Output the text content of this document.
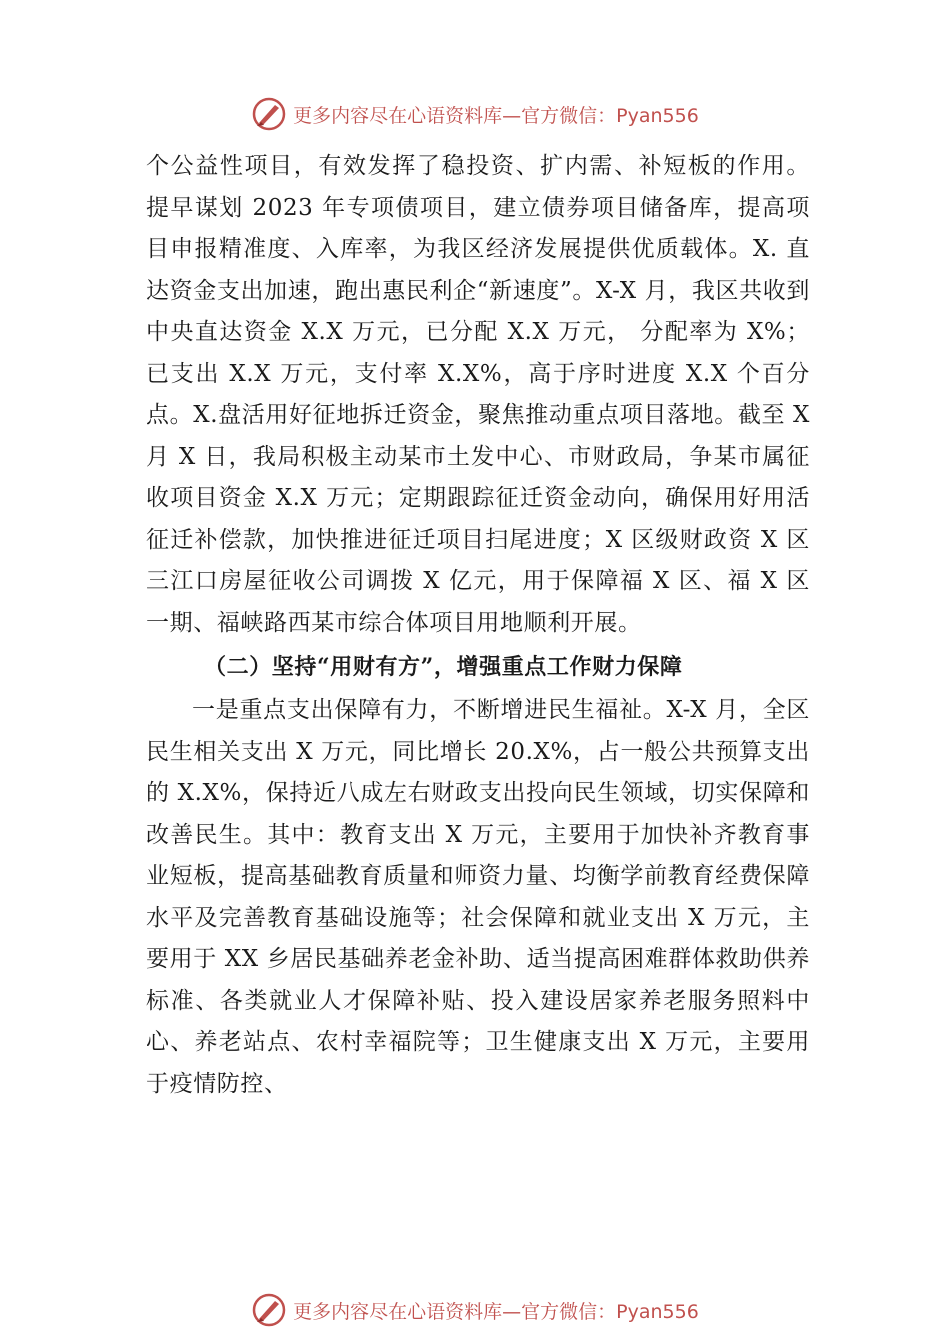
更多内容尽在心语资料库—官方微信：Pyan556

个公益性项目，有效发挥了稳投资、扩内需、补短板的作用。 提早谋划 2023 年专项债项目，建立债券项目储备库，提高项目申报精准度、入库率，为我区经济发展提供优质载体。X. 直达资金支出加速，跑出惠民利企“新速度”。X-X 月，我区共收到中央直达资金 X.X 万元，已分配 X.X 万元， 分配率为 X%；已支出 X.X 万元，支付率 X.X%，高于序时进度 X.X 个百分点。X.盘活用好征地拆迁资金，聚焦推动重点项目落地。截至 X 月 X 日，我局积极主动某市土发中心、市财政局，争某市属征收项目资金 X.X 万元；定期跟踪征迁资金动向，确保用好用活征迁补偿款，加快推进征迁项目扫尾进度；X 区级财政资 X 区三江口房屋征收公司调拨 X 亿元，用于保障福 X 区、福 X 区一期、福峡路西某市综合体项目用地顺利开展。

（二）坚持“用财有方”，增强重点工作财力保障

一是重点支出保障有力，不断增进民生福祉。X-X 月，全区民生相关支出 X 万元，同比增长 20.X%，占一般公共预算支出的 X.X%，保持近八成左右财政支出投向民生领域，切实保障和改善民生。其中：教育支出 X 万元，主要用于加快补齐教育事业短板，提高基础教育质量和师资力量、均衡学前教育经费保障水平及完善教育基础设施等；社会保障和就业支出 X 万元，主要用于 XX 乡居民基础养老金补助、适当提高困难群体救助供养标准、各类就业人才保障补贴、投入建设居家养老服务照料中心、养老站点、农村幸福院等；卫生健康支出 X 万元，主要用于疫情防控、

更多内容尽在心语资料库—官方微信：Pyan556
